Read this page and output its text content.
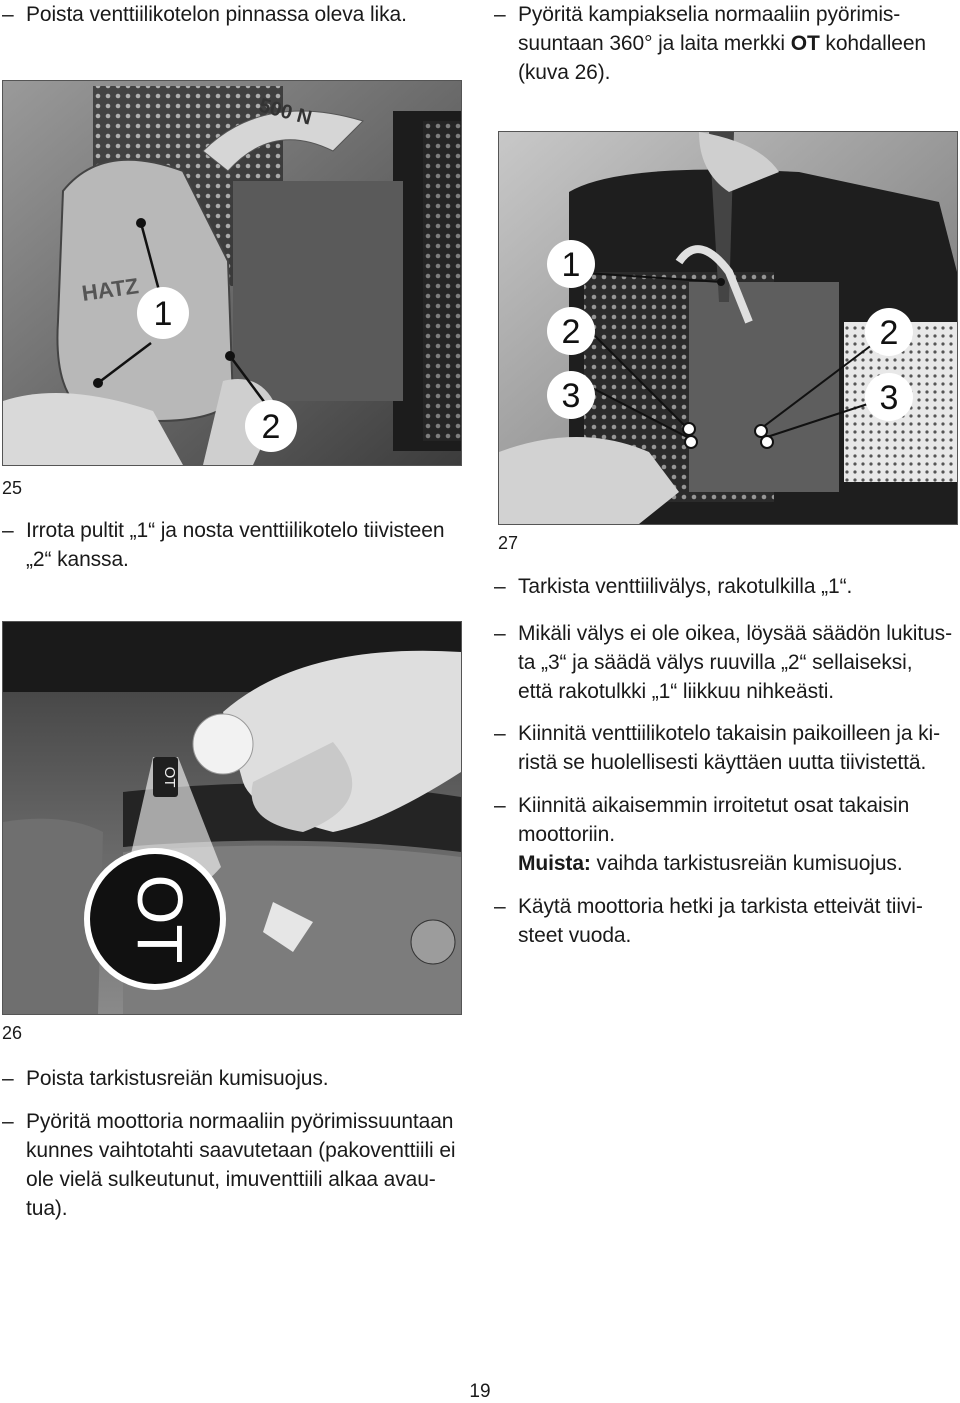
– Poista venttiilikotelon pinnassa oleva lika.	– Pyöritä kampiakselia normaaliin pyörimis-
suuntaan 360° ja laita merkki OT kohdalleen
(kuva 26).
500 N
HATZ
1
2
25
– Irrota pultit „1“ ja nosta venttiilikotelo tiivisteen
„2“ kanssa.
1
2
3
2
3
27
– Tarkista venttiilivälys, rakotulkilla „1“.
– Mikäli välys ei ole oikea, löysää säädön lukitus-
ta „3“ ja säädä välys ruuvilla „2“ sellaiseksi,
että rakotulkki „1“ liikkuu nihkeästi.
– Kiinnitä venttiilikotelo takaisin paikoilleen ja ki-
ristä se huolellisesti käyttäen uutta tiivistettä.
– Kiinnitä aikaisemmin irroitetut osat takaisin
moottoriin.
Muista: vaihda tarkistusreiän kumisuojus.
– Käytä moottoria hetki ja tarkista etteivät tiivi-
steet vuoda.
OT
OT
26
– Poista tarkistusreiän kumisuojus.
– Pyöritä moottoria normaaliin pyörimissuuntaan
kunnes vaihtotahti saavutetaan (pakoventtiili ei
ole vielä sulkeutunut, imuventtiili alkaa avau-
tua).
19
